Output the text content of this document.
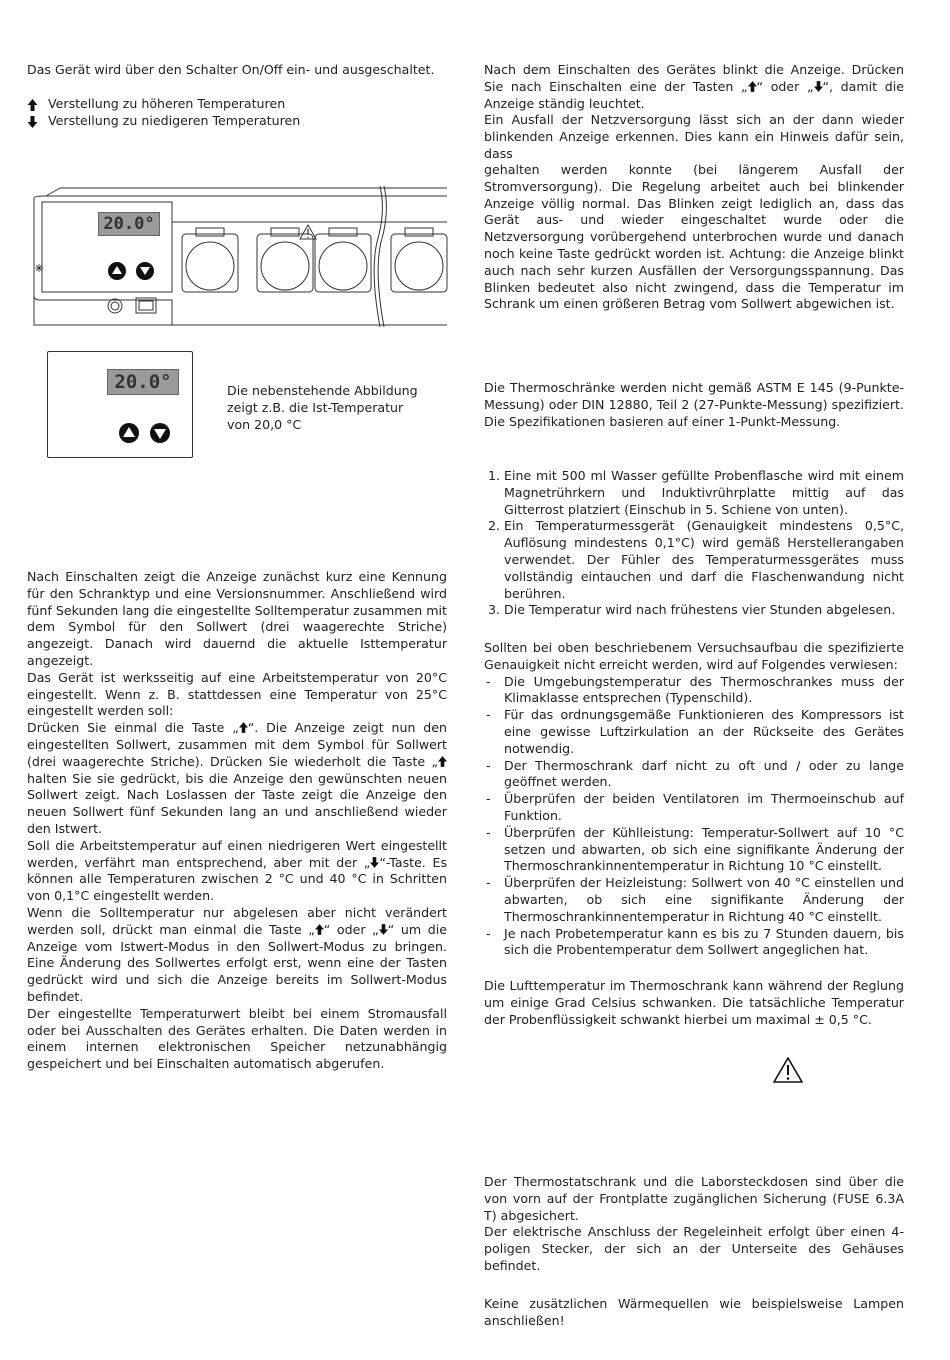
Das Gerät wird über den Schalter On/Off ein- und ausgeschaltet.

Verstellung zu höheren Temperaturen
Verstellung zu niedigeren Temperaturen
20.0°
20.0°	Die nebenstehende Abbildung
zeigt z.B. die Ist-Temperatur
von 20,0 °C

Nach Einschalten zeigt die Anzeige zunächst kurz eine Kennung für den Schranktyp und eine Versionsnummer. Anschließend wird fünf Sekunden lang die eingestellte Solltemperatur zusammen mit dem Symbol für den Sollwert (drei waagerechte Striche) angezeigt. Danach wird dauernd die aktuelle Isttemperatur angezeigt.

Das Gerät ist werksseitig auf eine Arbeitstemperatur von 20°C eingestellt. Wenn z. B. stattdessen eine Temperatur von 25°C eingestellt werden soll:

Drücken Sie einmal die Taste „ “. Die Anzeige zeigt nun den eingestellten Sollwert, zusammen mit dem Symbol für Sollwert (drei waagerechte Striche). Drücken Sie wiederholt die Taste „ halten Sie sie gedrückt, bis die Anzeige den gewünschten neuen Sollwert zeigt. Nach Loslassen der Taste zeigt die Anzeige den neuen Sollwert fünf Sekunden lang an und anschließend wieder den Istwert.

Soll die Arbeitstemperatur auf einen niedrigeren Wert eingestellt werden, verfährt man entsprechend, aber mit der „ “-Taste. Es können alle Temperaturen zwischen 2 °C und 40 °C in Schritten von 0,1°C eingestellt werden.

Wenn die Solltemperatur nur abgelesen aber nicht verändert werden soll, drückt man einmal die Taste „ “ oder „ “ um die Anzeige vom Istwert-Modus in den Sollwert-Modus zu bringen. Eine Änderung des Sollwertes erfolgt erst, wenn eine der Tasten gedrückt wird und sich die Anzeige bereits im Sollwert-Modus befindet.

Der eingestellte Temperaturwert bleibt bei einem Stromausfall oder bei Ausschalten des Gerätes erhalten. Die Daten werden in einem internen elektronischen Speicher netzunabhängig gespeichert und bei Einschalten automatisch abgerufen.

Nach dem Einschalten des Gerätes blinkt die Anzeige. Drücken Sie nach Einschalten eine der Tasten „ “ oder „ “, damit die Anzeige ständig leuchtet.

Ein Ausfall der Netzversorgung lässt sich an der dann wieder blinkenden Anzeige erkennen. Dies kann ein Hinweis dafür sein, dass

gehalten werden konnte (bei längerem Ausfall der Stromversorgung). Die Regelung arbeitet auch bei blinkender Anzeige völlig normal. Das Blinken zeigt lediglich an, dass das Gerät aus- und wieder eingeschaltet wurde oder die Netzversorgung vorübergehend unterbrochen wurde und danach noch keine Taste gedrückt worden ist. Achtung: die Anzeige blinkt auch nach sehr kurzen Ausfällen der Versorgungsspannung. Das Blinken bedeutet also nicht zwingend, dass die Temperatur im Schrank um einen größeren Betrag vom Sollwert abgewichen ist.

Die Thermoschränke werden nicht gemäß ASTM E 145 (9-Punkte-Messung) oder DIN 12880, Teil 2 (27-Punkte-Messung) spezifiziert. Die Spezifikationen basieren auf einer 1-Punkt-Messung.

1. Eine mit 500 ml Wasser gefüllte Probenflasche wird mit einem Magnetrührkern und Induktivrührplatte mittig auf das Gitterrost platziert (Einschub in 5. Schiene von unten).
2. Ein Temperaturmessgerät (Genauigkeit mindestens 0,5°C, Auflösung mindestens 0,1°C) wird gemäß Herstellerangaben verwendet. Der Fühler des Temperaturmessgerätes muss vollständig eintauchen und darf die Flaschenwandung nicht berühren.
3. Die Temperatur wird nach frühestens vier Stunden abgelesen.

Sollten bei oben beschriebenem Versuchsaufbau die spezifizierte Genauigkeit nicht erreicht werden, wird auf Folgendes verwiesen:

- Die Umgebungstemperatur des Thermoschrankes muss der Klimaklasse entsprechen (Typenschild).
- Für das ordnungsgemäße Funktionieren des Kompressors ist eine gewisse Luftzirkulation an der Rückseite des Gerätes notwendig.
- Der Thermoschrank darf nicht zu oft und / oder zu lange geöffnet werden.
- Überprüfen der beiden Ventilatoren im Thermoeinschub auf Funktion.
- Überprüfen der Kühlleistung: Temperatur-Sollwert auf 10 °C setzen und abwarten, ob sich eine signifikante Änderung der Thermoschrankinnentemperatur in Richtung 10 °C einstellt.
- Überprüfen der Heizleistung: Sollwert von 40 °C einstellen und abwarten, ob sich eine signifikante Änderung der Thermoschrankinnentemperatur in Richtung 40 °C einstellt.
- Je nach Probetemperatur kann es bis zu 7 Stunden dauern, bis sich die Probentemperatur dem Sollwert angeglichen hat.

Die Lufttemperatur im Thermoschrank kann während der Reglung um einige Grad Celsius schwanken. Die tatsächliche Temperatur der Probenflüssigkeit schwankt hierbei um maximal ± 0,5 °C.

Der Thermostatschrank und die Laborsteckdosen sind über die von vorn auf der Frontplatte zugänglichen Sicherung (FUSE 6.3A T) abgesichert.

Der elektrische Anschluss der Regeleinheit erfolgt über einen 4-poligen Stecker, der sich an der Unterseite des Gehäuses befindet.

Keine zusätzlichen Wärmequellen wie beispielsweise Lampen anschließen!
